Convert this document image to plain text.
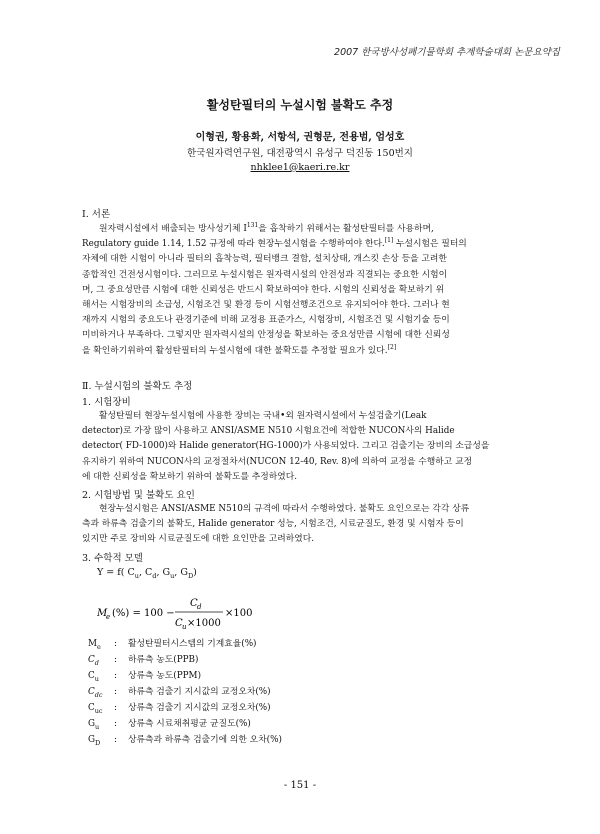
2007 한국방사성폐기물학회 추계학술대회 논문요약집
활성탄필터의 누설시험 불확도 추정
이형권, 황용화, 서항석, 권형문, 전용범, 엄성호
한국원자력연구원, 대전광역시 유성구 덕진동 150번지
nhklee1@kaeri.re.kr
Ⅰ. 서론

원자력시설에서 배출되는 방사성기체 $I^{131}$을 흡착하기 위해서는 활성탄필터를 사용하며,

Regulatory guide 1.14, 1.52 규정에 따라 현장누설시험을 수행하여야 한다.[1] 누설시험은 필터의

자체에 대한 시험이 아니라 필터의 흡착능력, 필터뱅크 결함, 설치상태, 개스킷 손상 등을 고려한

종합적인 건전성시험이다. 그러므로 누설시험은 원자력시설의 안전성과 직결되는 중요한 시험이

며, 그 중요성만큼 시험에 대한 신뢰성은 반드시 확보하여야 한다. 시험의 신뢰성을 확보하기 위

해서는 시험장비의 소급성, 시험조건 및 환경 등이 시험선행조건으로 유지되어야 한다. 그러나 현

재까지 시험의 중요도나 관경기준에 비해 교정용 표준가스, 시험장비, 시험조건 및 시험기술 등이

미비하거나 부족하다. 그렇지만 원자력시설의 안정성을 확보하는 중요성만큼 시험에 대한 신뢰성

을 확인하기위하여 활성탄필터의 누설시험에 대한 불확도를 추정할 필요가 있다.[2]

Ⅱ. 누설시험의 불확도 추정
1. 시험장비

활성탄필터 현장누설시험에 사용한 장비는 국내•외 원자력시설에서 누설검출기(Leak

detector)로 가장 많이 사용하고 ANSI/ASME N510 시험요건에 적합한 NUCON사의 Halide

detector( FD-1000)와 Halide generator(HG-1000)가 사용되었다. 그리고 검출기는 장비의 소급성을

유지하기 위하여 NUCON사의 교정절차서(NUCON 12-40, Rev. 8)에 의하여 교정을 수행하고 교정

에 대한 신뢰성을 확보하기 위하여 불확도를 추정하였다.

2. 시험방법 및 불확도 요인

현장누설시험은 ANSI/ASME N510의 규격에 따라서 수행하였다. 불확도 요인으로는 각각 상류

측과 하류측 검출기의 불확도, Halide generator 성능, 시험조건, 시료균질도, 환경 및 시험자 등이

있지만 주로 장비와 시료균질도에 대한 요인만을 고려하였다.

3. 수학적 모델
Y = f( $C_u$, $C_d$, $G_u$, $G_D$)
M
e (%) = 100 −
C d
C u ×1000
×100
$M_e$ : 활성탄필터시스템의 기계효율(%)
$C_d$ : 하류측 농도(PPB)
$C_u$ : 상류측 농도(PPM)
$C_{dc}$ : 하류측 검출기 지시값의 교정오차(%)
$C_{uc}$ : 상류측 검출기 지시값의 교정오차(%)
$G_u$ : 상류측 시료채취평균 균질도(%)
$G_D$ : 상류측과 하류측 검출기에 의한 오차(%)
- 151 -
